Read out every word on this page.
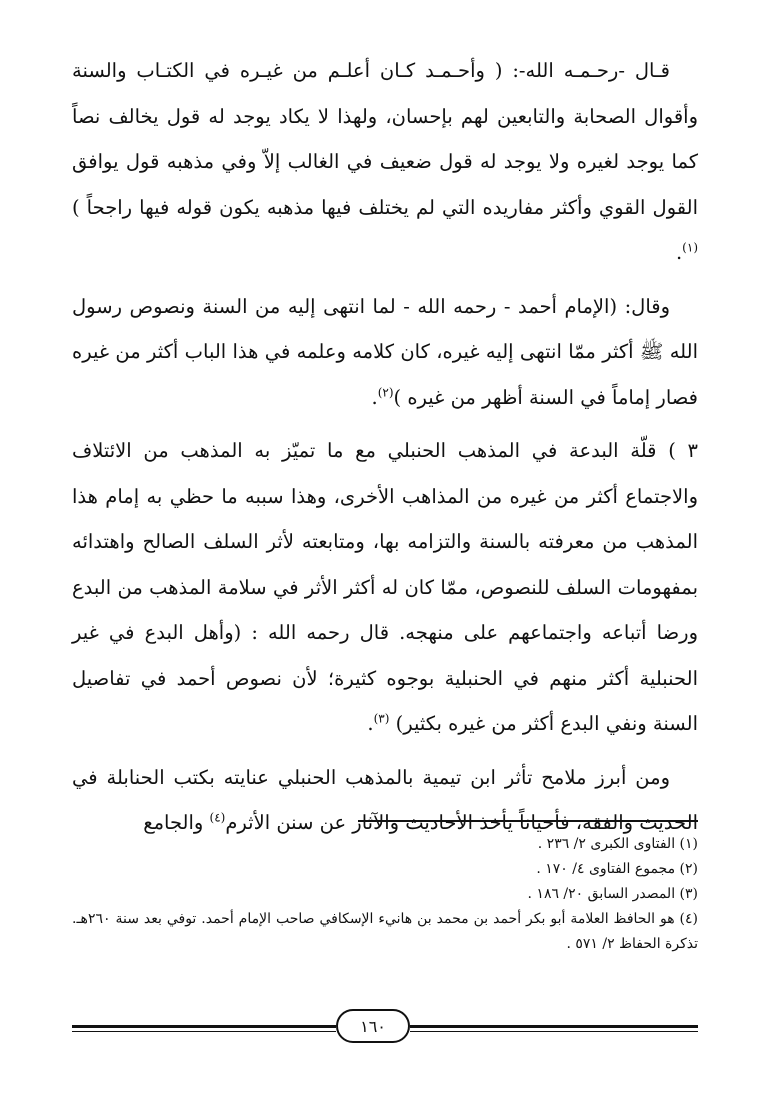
قـال -رحـمـه الله-: ( وأحـمـد كـان أعلـم من غيـره في الكتـاب والسنة وأقوال الصحابة والتابعين لهم بإحسان، ولهذا لا يكاد يوجد له قول يخالف نصاً كما يوجد لغيره ولا يوجد له قول ضعيف في الغالب إلاّ وفي مذهبه قول يوافق القول القوي وأكثر مفاريده التي لم يختلف فيها مذهبه يكون قوله فيها راجحاً )$^{(١)}$.

وقال: (الإمام أحمد - رحمه الله - لما انتهى إليه من السنة ونصوص رسول الله ﷺ أكثر ممّا انتهى إليه غيره، كان كلامه وعلمه في هذا الباب أكثر من غيره فصار إماماً في السنة أظهر من غيره )$^{(٢)}$.

٣ ) قلّة البدعة في المذهب الحنبلي مع ما تميّز به المذهب من الائتلاف والاجتماع أكثر من غيره من المذاهب الأخرى، وهذا سببه ما حظي به إمام هذا المذهب من معرفته بالسنة والتزامه بها، ومتابعته لأثر السلف الصالح واهتدائه بمفهومات السلف للنصوص، ممّا كان له أكثر الأثر في سلامة المذهب من البدع ورضا أتباعه واجتماعهم على منهجه. قال رحمه الله : (وأهل البدع في غير الحنبلية أكثر منهم في الحنبلية بوجوه كثيرة؛ لأن نصوص أحمد في تفاصيل السنة ونفي البدع أكثر من غيره بكثير) $^{(٣)}$.

ومن أبرز ملامح تأثر ابن تيمية بالمذهب الحنبلي عنايته بكتب الحنابلة في الحديث والفقه، فأحياناً يأخذ الأحاديث والآثار عن سنن الأثرم$^{(٤)}$ والجامع

(١) الفتاوى الكبرى ٢/ ٢٣٦ .

(٢) مجموع الفتاوى ٤/ ١٧٠ .

(٣) المصدر السابق ٢٠/ ١٨٦ .

(٤) هو الحافظ العلامة أبو بكر أحمد بن محمد بن هانيء الإسكافي صاحب الإمام أحمد. توفي بعد سنة ٢٦٠هـ. تذكرة الحفاظ ٢/ ٥٧١ .

١٦٠
